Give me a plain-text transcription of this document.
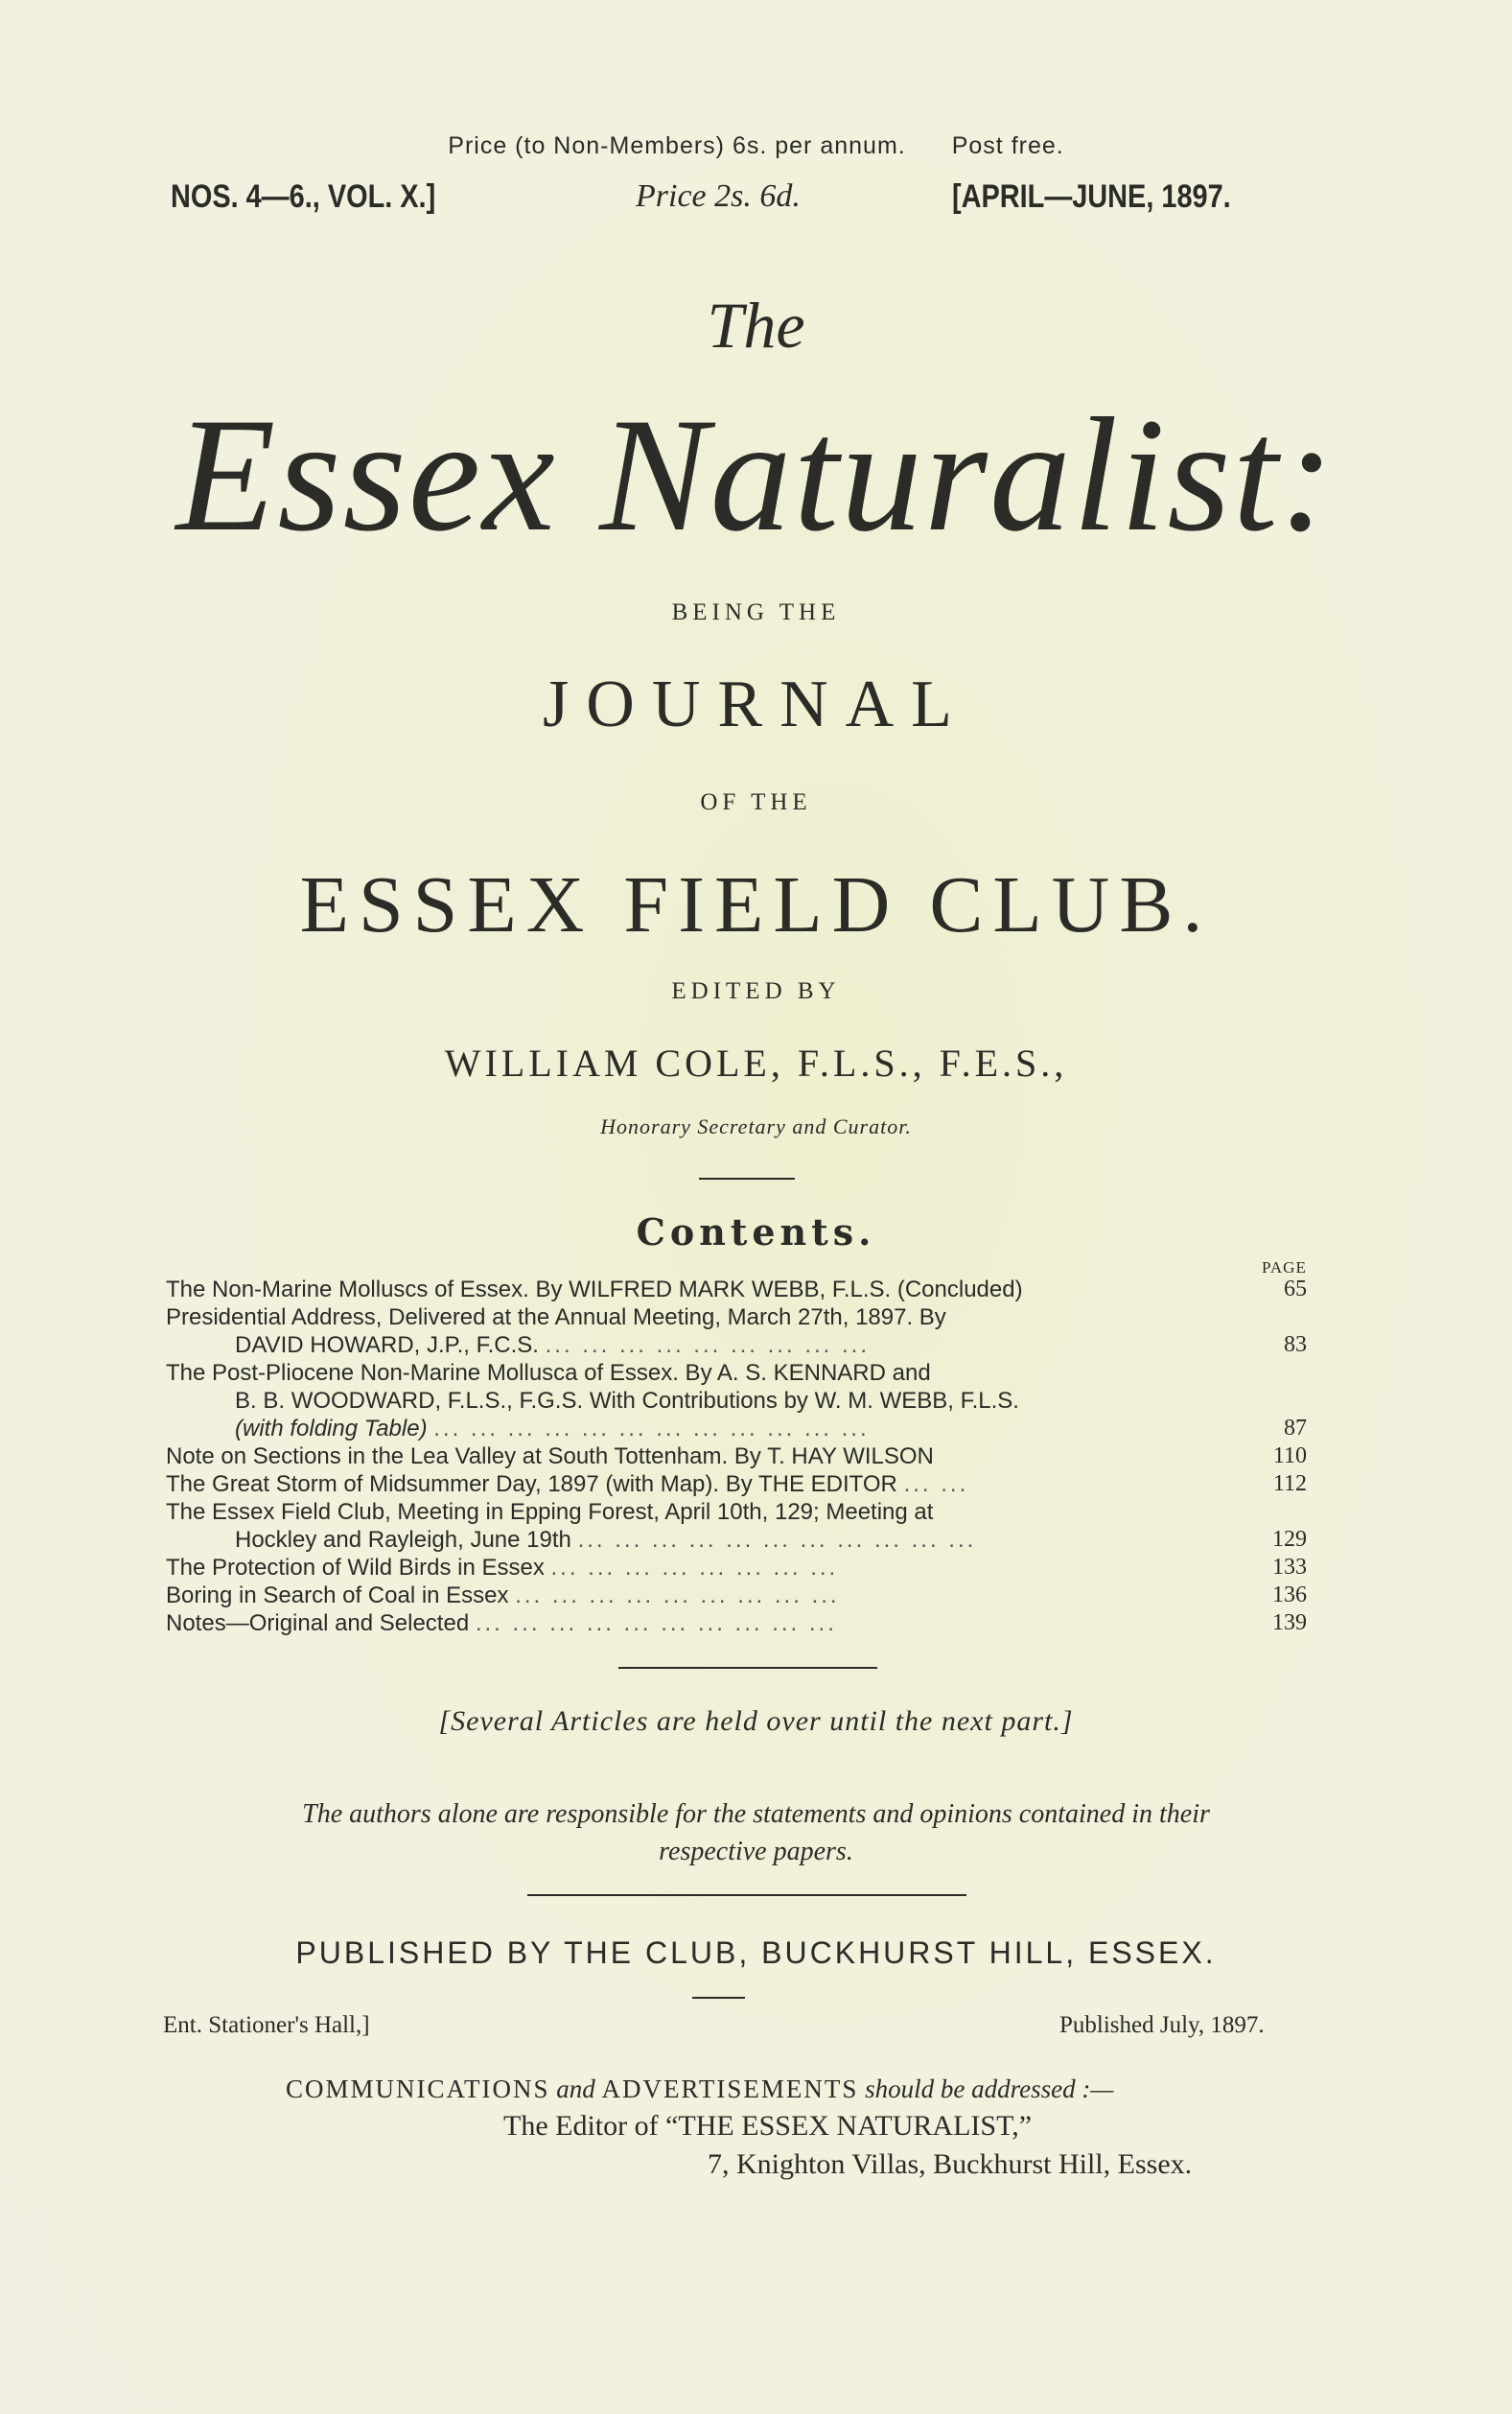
Price (to Non-Members) 6s. per annum. Post free.
NOS. 4—6., VOL. X.]	Price 2s. 6d.	[APRIL—JUNE, 1897.
The
Essex Naturalist:
BEING THE
JOURNAL
OF THE
ESSEX FIELD CLUB.
EDITED BY
WILLIAM COLE, F.L.S., F.E.S.,
Honorary Secretary and Curator.
Contents.
PAGE
The Non-Marine Molluscs of Essex. By WILFRED MARK WEBB, F.L.S. (Concluded)	65
Presidential Address, Delivered at the Annual Meeting, March 27th, 1897. By
DAVID HOWARD, J.P., F.C.S. ... ... ... ... ... ... ... ... ...	83
The Post-Pliocene Non-Marine Mollusca of Essex. By A. S. KENNARD and
B. B. WOODWARD, F.L.S., F.G.S. With Contributions by W. M. WEBB, F.L.S.
(with folding Table) ... ... ... ... ... ... ... ... ... ... ... ...	87
Note on Sections in the Lea Valley at South Tottenham. By T. HAY WILSON	110
The Great Storm of Midsummer Day, 1897 (with Map). By THE EDITOR ... ...	112
The Essex Field Club, Meeting in Epping Forest, April 10th, 129; Meeting at
Hockley and Rayleigh, June 19th ... ... ... ... ... ... ... ... ... ... ...	129
The Protection of Wild Birds in Essex ... ... ... ... ... ... ... ...	133
Boring in Search of Coal in Essex ... ... ... ... ... ... ... ... ...	136
Notes—Original and Selected ... ... ... ... ... ... ... ... ... ...	139
[Several Articles are held over until the next part.]
The authors alone are responsible for the statements and opinions contained in their
respective papers.
PUBLISHED BY THE CLUB, BUCKHURST HILL, ESSEX.
Ent. Stationer's Hall,]	Published July, 1897.
COMMUNICATIONS and ADVERTISEMENTS should be addressed :—
The Editor of “THE ESSEX NATURALIST,”
7, Knighton Villas, Buckhurst Hill, Essex.
